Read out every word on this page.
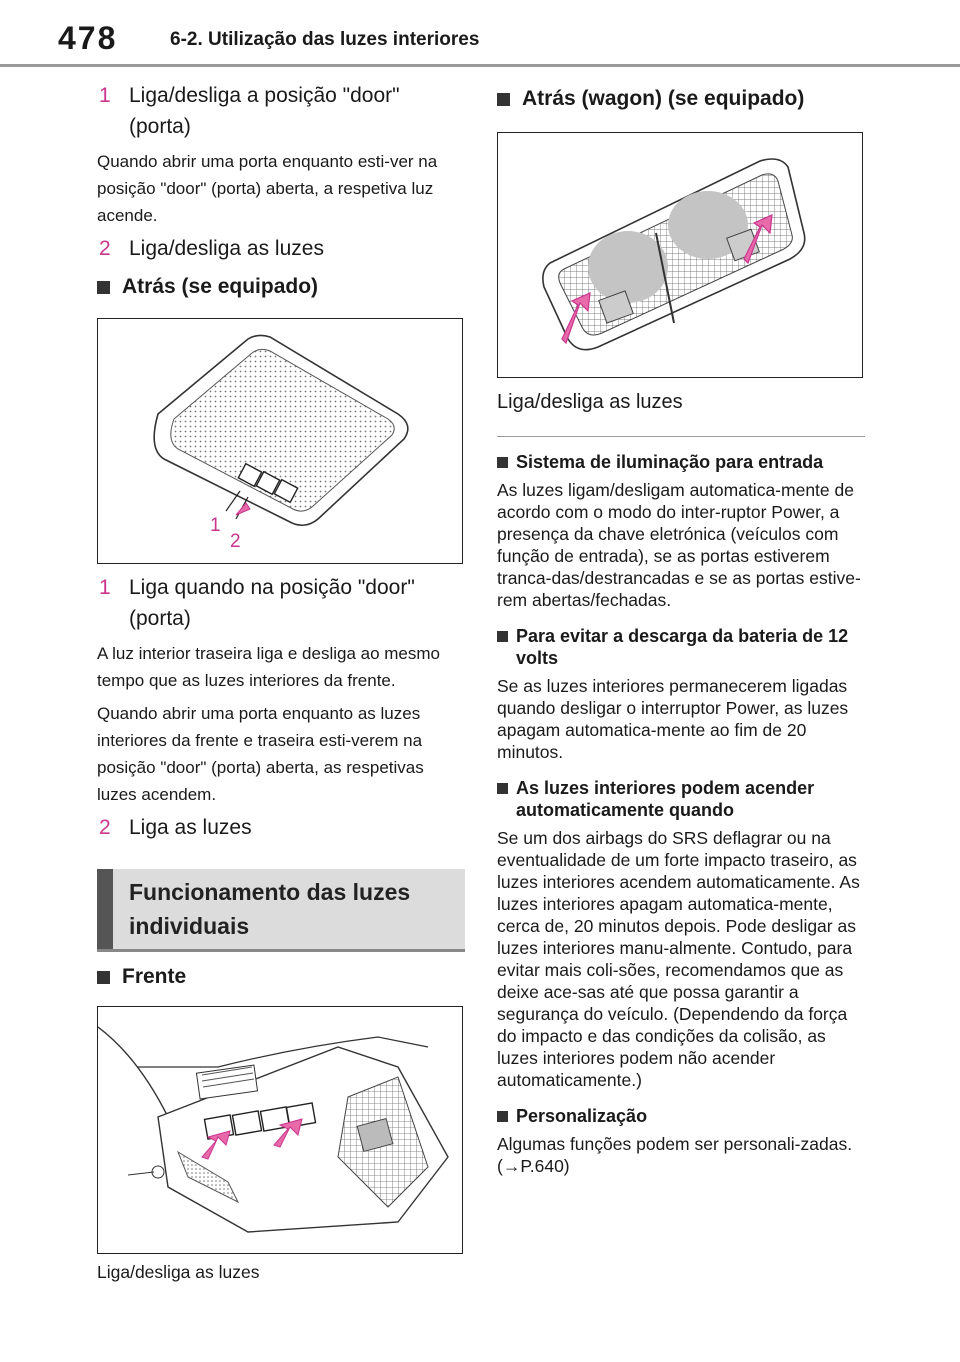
478	6-2. Utilização das luzes interiores
1 Liga/desliga a posição "door" (porta)

Quando abrir uma porta enquanto esti-ver na posição "door" (porta) aberta, a respetiva luz acende.

2 Liga/desliga as luzes
Atrás (se equipado)
1
2
1 Liga quando na posição "door" (porta)

A luz interior traseira liga e desliga ao mesmo tempo que as luzes interiores da frente.

Quando abrir uma porta enquanto as luzes interiores da frente e traseira esti-verem na posição "door" (porta) aberta, as respetivas luzes acendem.

2 Liga as luzes
Funcionamento das luzes individuais
Frente
Liga/desliga as luzes
Atrás (wagon) (se equipado)
Liga/desliga as luzes
Sistema de iluminação para entrada

As luzes ligam/desligam automatica-mente de acordo com o modo do inter-ruptor Power, a presença da chave eletrónica (veículos com função de entrada), se as portas estiverem tranca-das/destrancadas e se as portas estive-rem abertas/fechadas.

Para evitar a descarga da bateria de 12 volts

Se as luzes interiores permanecerem ligadas quando desligar o interruptor Power, as luzes apagam automatica-mente ao fim de 20 minutos.

As luzes interiores podem acender automaticamente quando

Se um dos airbags do SRS deflagrar ou na eventualidade de um forte impacto traseiro, as luzes interiores acendem automaticamente. As luzes interiores apagam automatica-mente, cerca de, 20 minutos depois. Pode desligar as luzes interiores manu-almente. Contudo, para evitar mais coli-sões, recomendamos que as deixe ace-sas até que possa garantir a segurança do veículo. (Dependendo da força do impacto e das condições da colisão, as luzes interiores podem não acender automaticamente.)

Personalização

Algumas funções podem ser personali-zadas. (→P.640)
